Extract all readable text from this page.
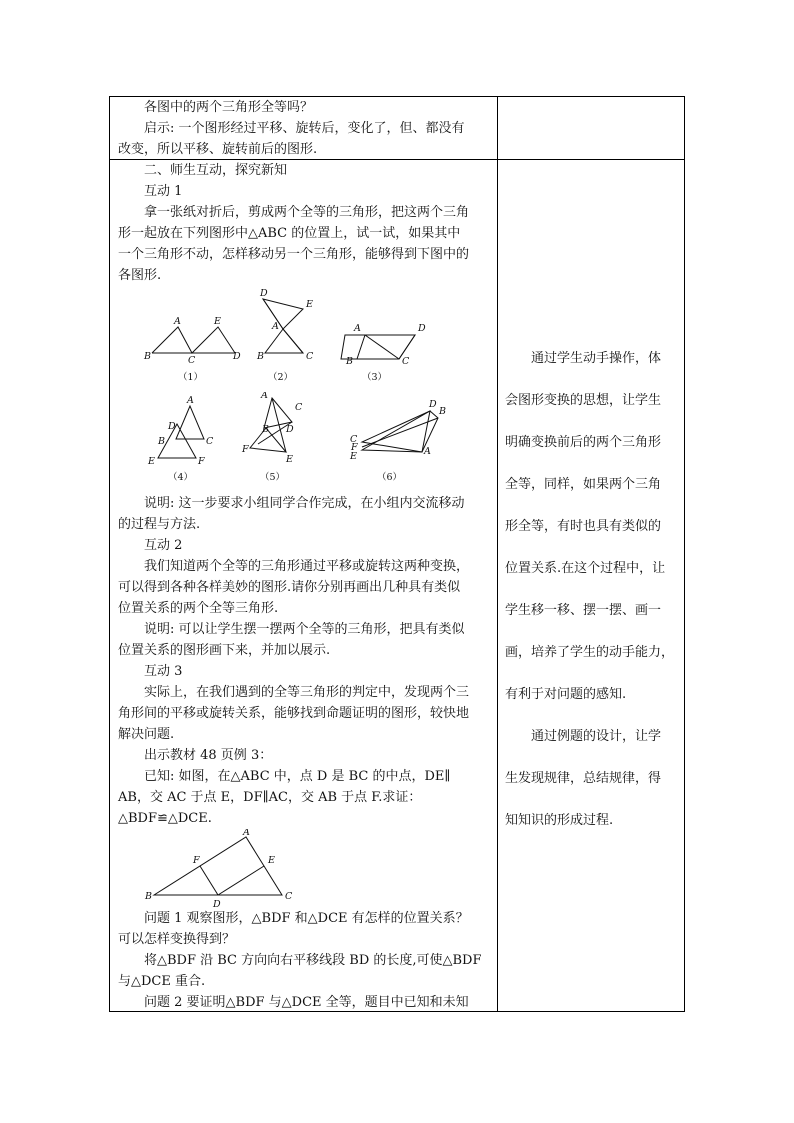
各图中的两个三角形全等吗？
启示: 一个图形经过平移、旋转后，变化了，但、都没有
改变，所以平移、旋转前后的图形.
二、师生互动，探究新知
互动 1
拿一张纸对折后，剪成两个全等的三角形，把这两个三角
形一起放在下列图形中△ABC 的位置上，试一试，如果其中
一个三角形不动，怎样移动另一个三角形，能够得到下图中的
各图形.
B
A
C
E
D
（1）
D
E
A
B	C
（2）
A	D
B	C
（3）
A
D
B	C
E	F
（4）
A
C
B D
F
E
（5）
D
B
C
F
E	A
（6）
说明: 这一步要求小组同学合作完成，在小组内交流移动
的过程与方法.
互动 2
我们知道两个全等的三角形通过平移或旋转这两种变换，
可以得到各种各样美妙的图形.请你分别再画出几种具有类似
位置关系的两个全等三角形.
说明: 可以让学生摆一摆两个全等的三角形，把具有类似
位置关系的图形画下来，并加以展示.
互动 3
实际上，在我们遇到的全等三角形的判定中，发现两个三
角形间的平移或旋转关系，能够找到命题证明的图形，较快地
解决问题.
出示教材 48 页例 3：
已知: 如图，在△ABC 中，点 D 是 BC 的中点，DE∥
AB，交 AC 于点 E，DF∥AC，交 AB 于点 F.求证：
△BDF≌△DCE.
A
F	E
B
D
C
问题 1 观察图形，△BDF 和△DCE 有怎样的位置关系？
可以怎样变换得到？
将△BDF 沿 BC 方向向右平移线段 BD 的长度,可使△BDF
与△DCE 重合.
问题 2 要证明△BDF 与△DCE 全等，题目中已知和未知
通过学生动手操作，体
会图形变换的思想，让学生
明确变换前后的两个三角形
全等，同样，如果两个三角
形全等，有时也具有类似的
位置关系.在这个过程中，让
学生移一移、摆一摆、画一
画，培养了学生的动手能力，
有利于对问题的感知.
通过例题的设计，让学
生发现规律，总结规律，得
知知识的形成过程.
